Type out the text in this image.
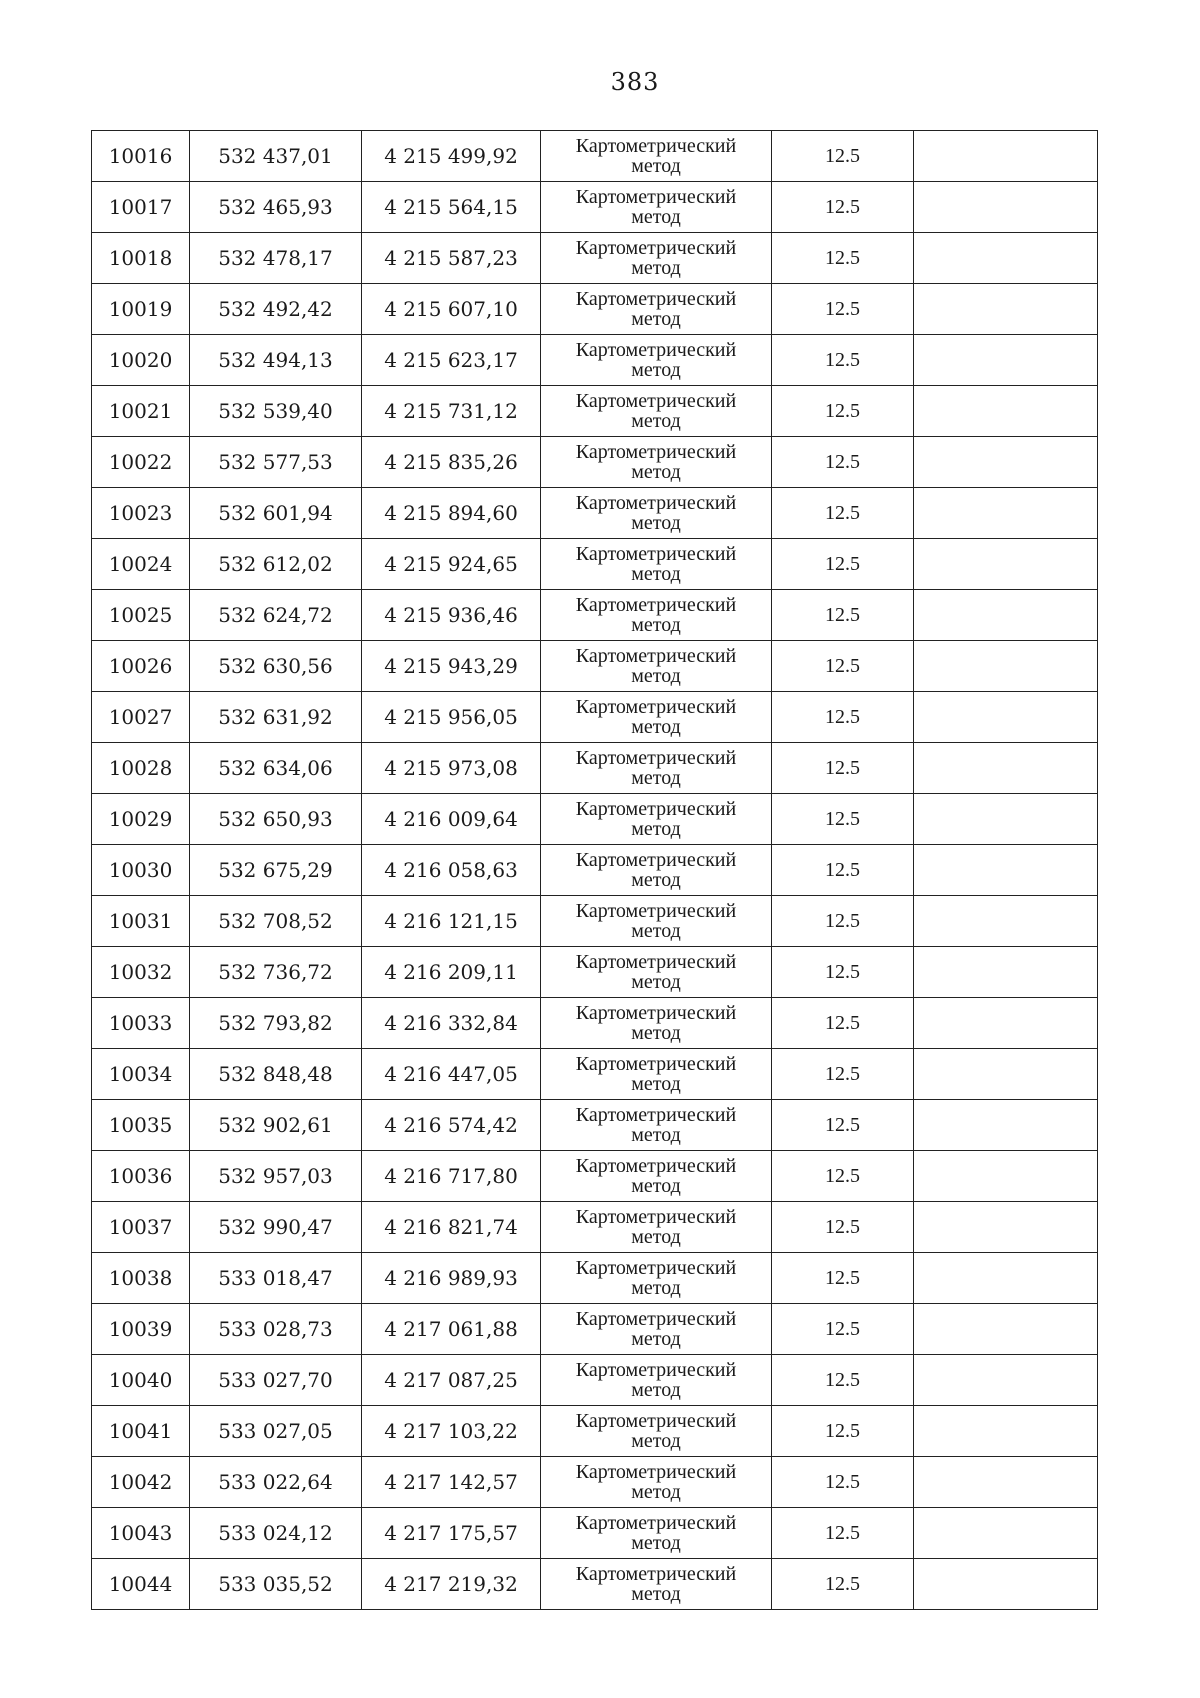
383
10016	532 437,01	4 215 499,92	Картометрический
метод	12.5	
10017	532 465,93	4 215 564,15	Картометрический
метод	12.5	
10018	532 478,17	4 215 587,23	Картометрический
метод	12.5	
10019	532 492,42	4 215 607,10	Картометрический
метод	12.5	
10020	532 494,13	4 215 623,17	Картометрический
метод	12.5	
10021	532 539,40	4 215 731,12	Картометрический
метод	12.5	
10022	532 577,53	4 215 835,26	Картометрический
метод	12.5	
10023	532 601,94	4 215 894,60	Картометрический
метод	12.5	
10024	532 612,02	4 215 924,65	Картометрический
метод	12.5	
10025	532 624,72	4 215 936,46	Картометрический
метод	12.5	
10026	532 630,56	4 215 943,29	Картометрический
метод	12.5	
10027	532 631,92	4 215 956,05	Картометрический
метод	12.5	
10028	532 634,06	4 215 973,08	Картометрический
метод	12.5	
10029	532 650,93	4 216 009,64	Картометрический
метод	12.5	
10030	532 675,29	4 216 058,63	Картометрический
метод	12.5	
10031	532 708,52	4 216 121,15	Картометрический
метод	12.5	
10032	532 736,72	4 216 209,11	Картометрический
метод	12.5	
10033	532 793,82	4 216 332,84	Картометрический
метод	12.5	
10034	532 848,48	4 216 447,05	Картометрический
метод	12.5	
10035	532 902,61	4 216 574,42	Картометрический
метод	12.5	
10036	532 957,03	4 216 717,80	Картометрический
метод	12.5	
10037	532 990,47	4 216 821,74	Картометрический
метод	12.5	
10038	533 018,47	4 216 989,93	Картометрический
метод	12.5	
10039	533 028,73	4 217 061,88	Картометрический
метод	12.5	
10040	533 027,70	4 217 087,25	Картометрический
метод	12.5	
10041	533 027,05	4 217 103,22	Картометрический
метод	12.5	
10042	533 022,64	4 217 142,57	Картометрический
метод	12.5	
10043	533 024,12	4 217 175,57	Картометрический
метод	12.5	
10044	533 035,52	4 217 219,32	Картометрический
метод	12.5	
